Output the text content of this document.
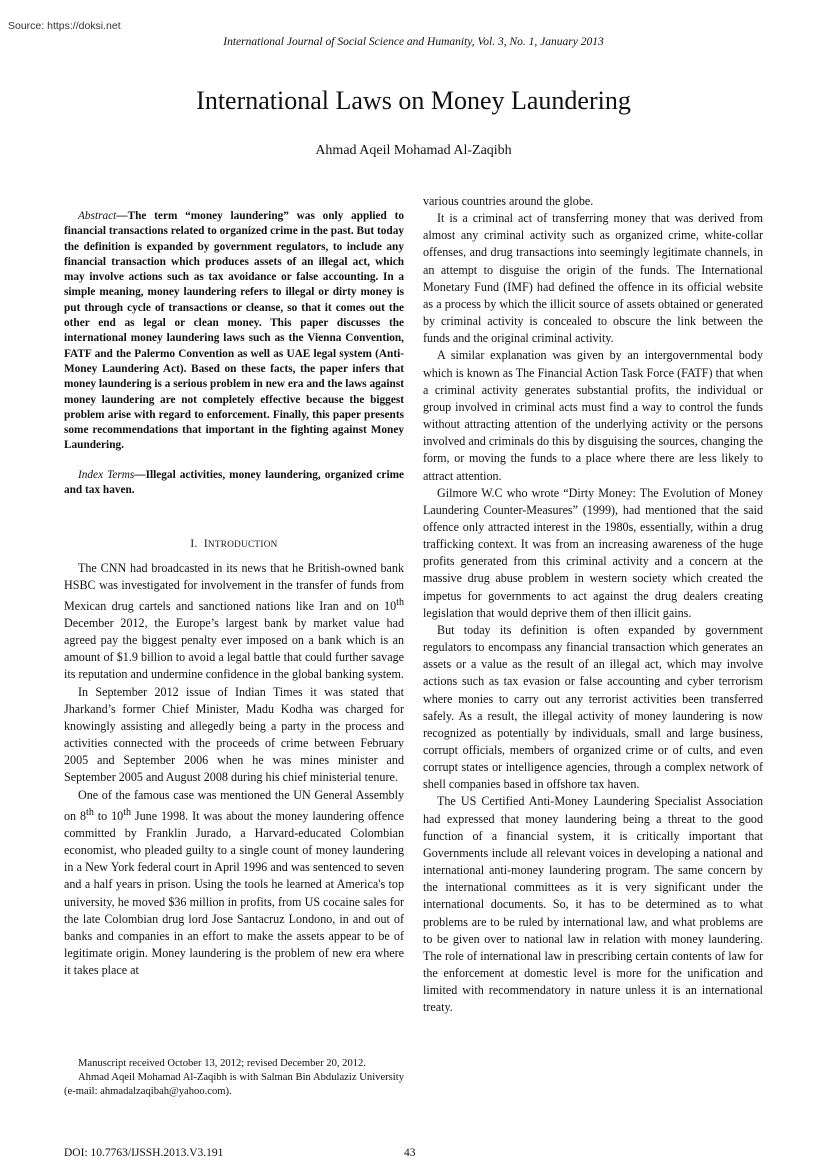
Source: https://doksi.net
International Journal of Social Science and Humanity, Vol. 3, No. 1, January 2013
International Laws on Money Laundering
Ahmad Aqeil Mohamad Al-Zaqibh

Abstract—The term “money laundering” was only applied to financial transactions related to organized crime in the past. But today the definition is expanded by government regulators, to include any financial transaction which produces assets of an illegal act, which may involve actions such as tax avoidance or false accounting. In a simple meaning, money laundering refers to illegal or dirty money is put through cycle of transactions or cleanse, so that it comes out the other end as legal or clean money. This paper discusses the international money laundering laws such as the Vienna Convention, FATF and the Palermo Convention as well as UAE legal system (Anti-Money Laundering Act). Based on these facts, the paper infers that money laundering is a serious problem in new era and the laws against money laundering are not completely effective because the biggest problem arise with regard to enforcement. Finally, this paper presents some recommendations that important in the fighting against Money Laundering.

Index Terms—Illegal activities, money laundering, organized crime and tax haven.

I. INTRODUCTION

The CNN had broadcasted in its news that he British-owned bank HSBC was investigated for involvement in the transfer of funds from Mexican drug cartels and sanctioned nations like Iran and on 10th December 2012, the Europe’s largest bank by market value had agreed pay the biggest penalty ever imposed on a bank which is an amount of $1.9 billion to avoid a legal battle that could further savage its reputation and undermine confidence in the global banking system.

In September 2012 issue of Indian Times it was stated that Jharkand’s former Chief Minister, Madu Kodha was charged for knowingly assisting and allegedly being a party in the process and activities connected with the proceeds of crime between February 2005 and September 2006 when he was mines minister and September 2005 and August 2008 during his chief ministerial tenure.

One of the famous case was mentioned the UN General Assembly on 8th to 10th June 1998. It was about the money laundering offence committed by Franklin Jurado, a Harvard-educated Colombian economist, who pleaded guilty to a single count of money laundering in a New York federal court in April 1996 and was sentenced to seven and a half years in prison. Using the tools he learned at America's top university, he moved $36 million in profits, from US cocaine sales for the late Colombian drug lord Jose Santacruz Londono, in and out of banks and companies in an effort to make the assets appear to be of legitimate origin. Money laundering is the problem of new era where it takes place at

various countries around the globe.

It is a criminal act of transferring money that was derived from almost any criminal activity such as organized crime, white-collar offenses, and drug transactions into seemingly legitimate channels, in an attempt to disguise the origin of the funds. The International Monetary Fund (IMF) had defined the offence in its official website as a process by which the illicit source of assets obtained or generated by criminal activity is concealed to obscure the link between the funds and the original criminal activity.

A similar explanation was given by an intergovernmental body which is known as The Financial Action Task Force (FATF) that when a criminal activity generates substantial profits, the individual or group involved in criminal acts must find a way to control the funds without attracting attention of the underlying activity or the persons involved and criminals do this by disguising the sources, changing the form, or moving the funds to a place where there are less likely to attract attention.

Gilmore W.C who wrote “Dirty Money: The Evolution of Money Laundering Counter-Measures” (1999), had mentioned that the said offence only attracted interest in the 1980s, essentially, within a drug trafficking context. It was from an increasing awareness of the huge profits generated from this criminal activity and a concern at the massive drug abuse problem in western society which created the impetus for governments to act against the drug dealers creating legislation that would deprive them of then illicit gains.

But today its definition is often expanded by government regulators to encompass any financial transaction which generates an assets or a value as the result of an illegal act, which may involve actions such as tax evasion or false accounting and cyber terrorism where monies to carry out any terrorist activities been transferred safely. As a result, the illegal activity of money laundering is now recognized as potentially by individuals, small and large business, corrupt officials, members of organized crime or of cults, and even corrupt states or intelligence agencies, through a complex network of shell companies based in offshore tax haven.

The US Certified Anti-Money Laundering Specialist Association had expressed that money laundering being a threat to the good function of a financial system, it is critically important that Governments include all relevant voices in developing a national and international anti-money laundering program. The same concern by the international committees as it is very significant under the international documents. So, it has to be determined as to what problems are to be ruled by international law, and what problems are to be given over to national law in relation with money laundering. The role of international law in prescribing certain contents of law for the enforcement at domestic level is more for the unification and limited with recommendatory in nature unless it is an international treaty.

Manuscript received October 13, 2012; revised December 20, 2012.

Ahmad Aqeil Mohamad Al-Zaqibh is with Salman Bin Abdulaziz University (e-mail: ahmadalzaqibah@yahoo.com).

DOI: 10.7763/IJSSH.2013.V3.191	43
